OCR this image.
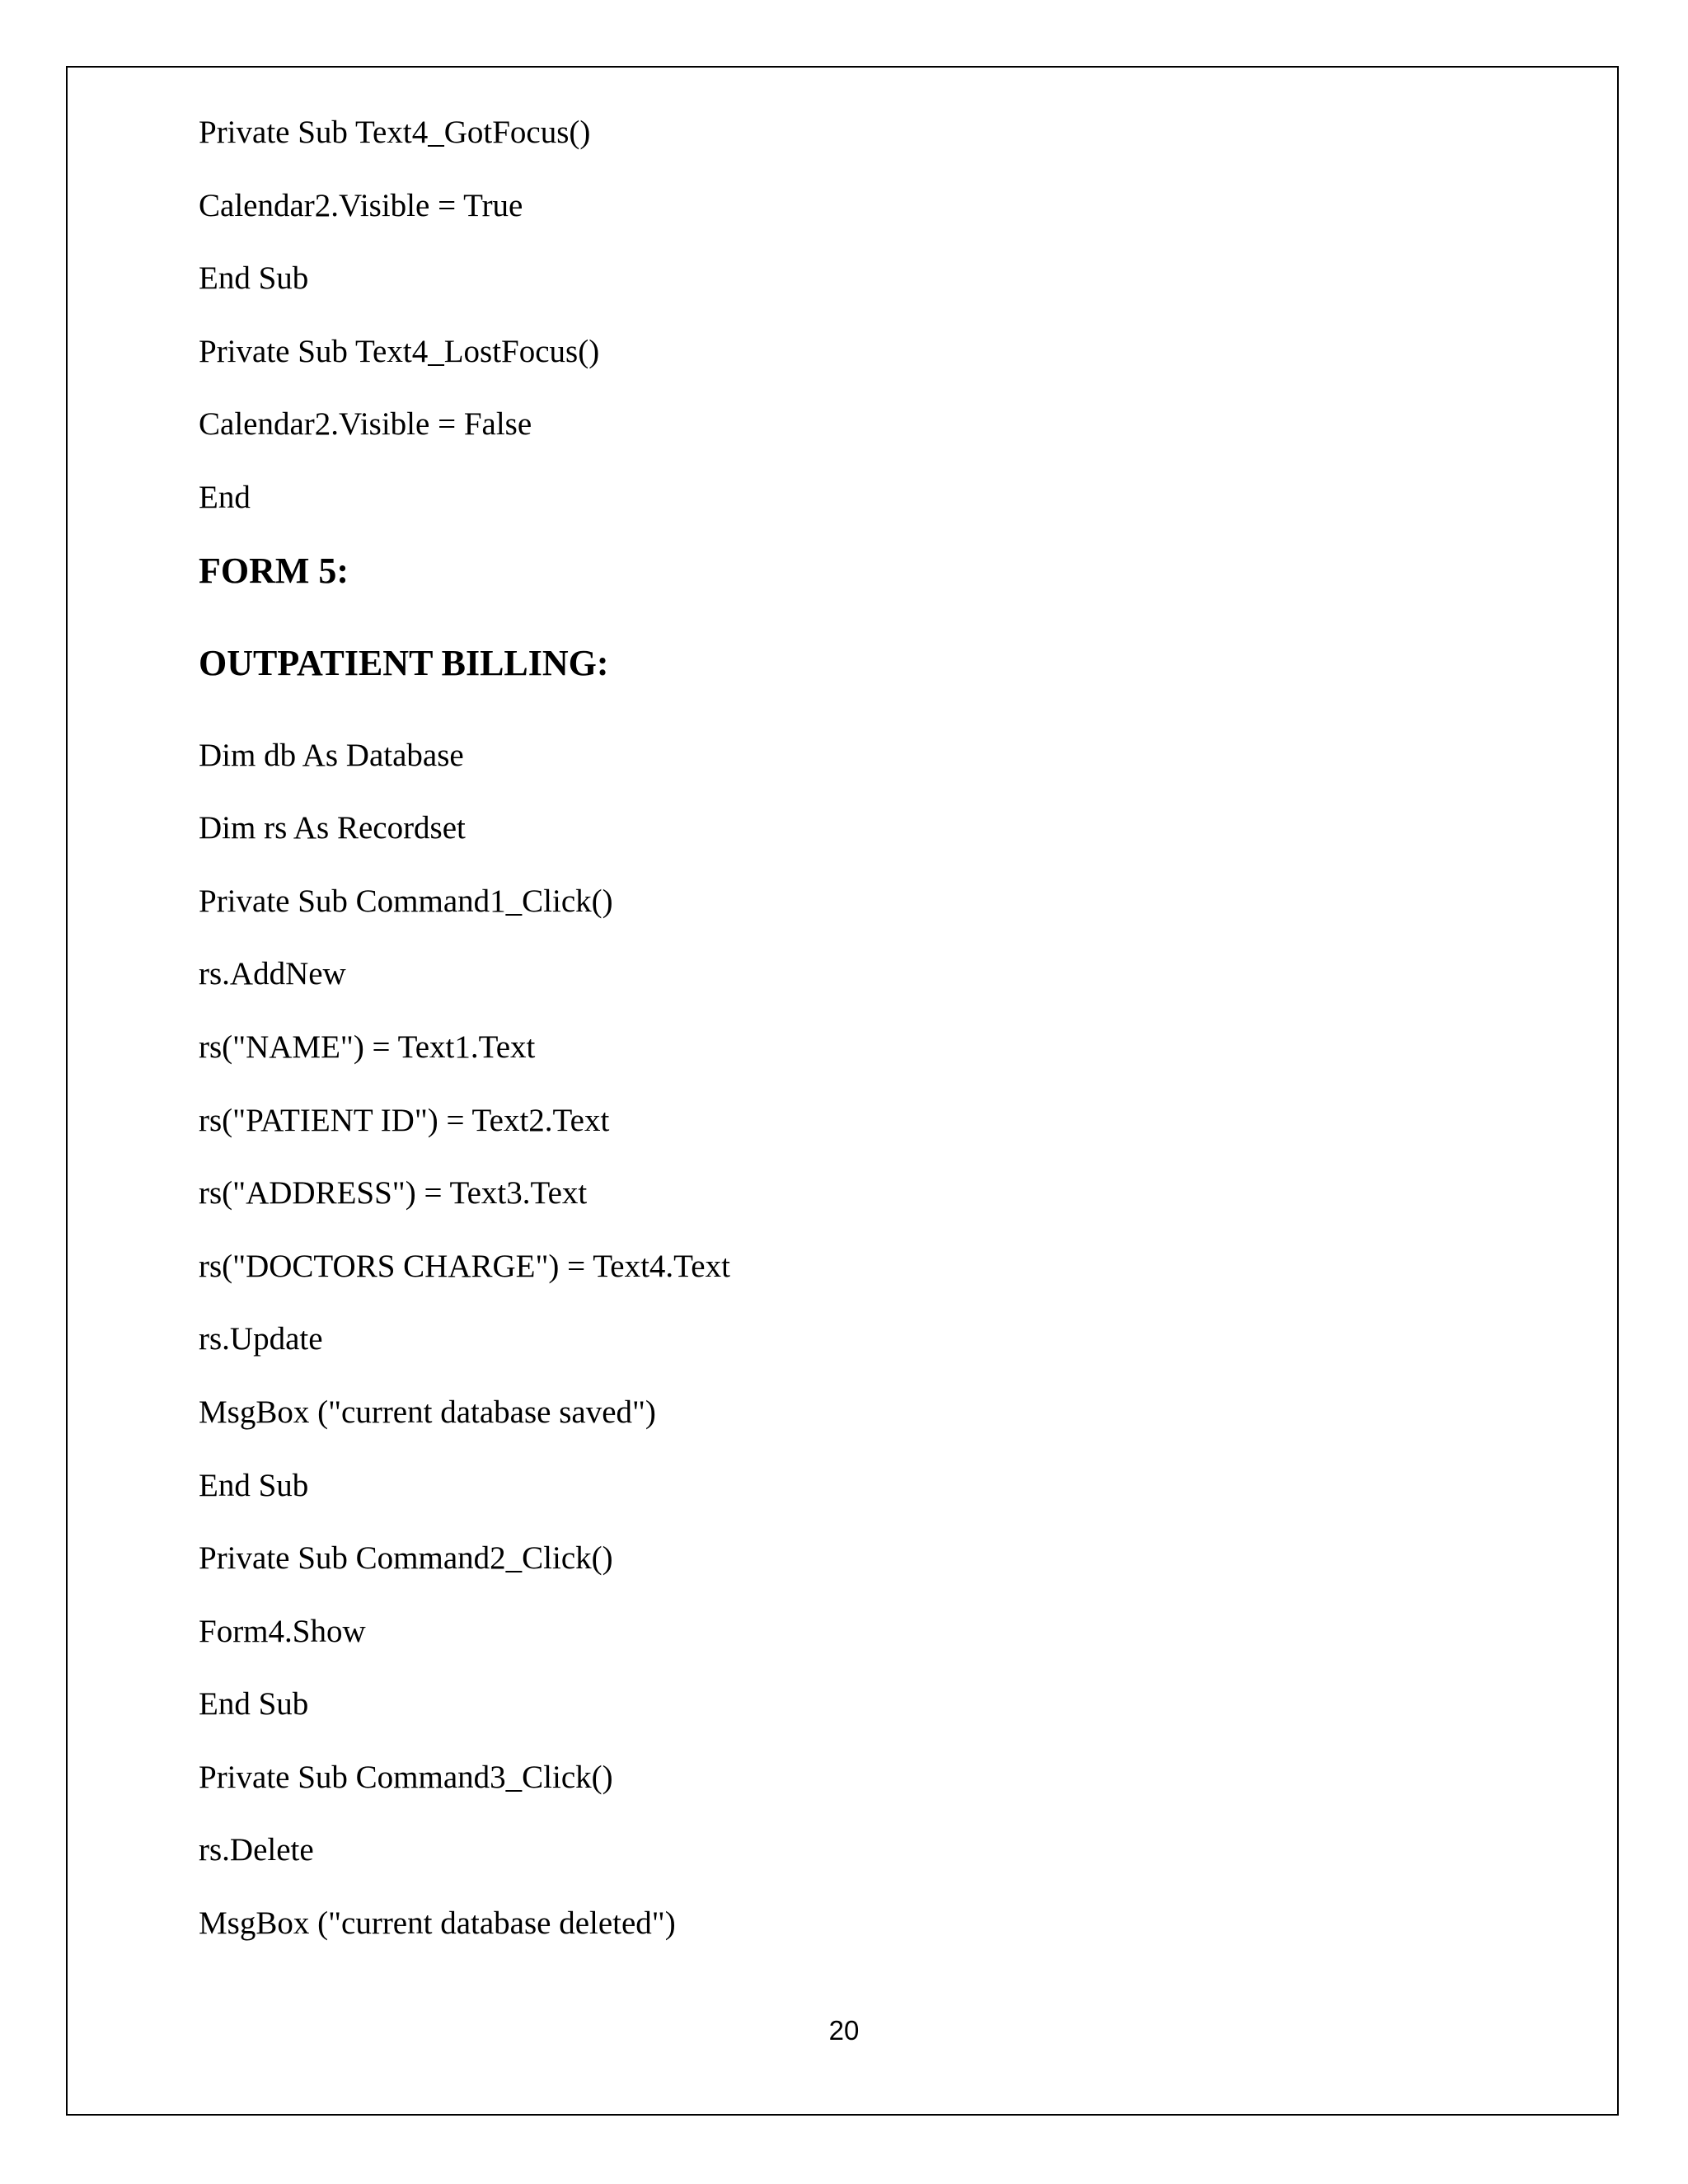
Private Sub Text4_GotFocus()
Calendar2.Visible = True
End Sub
Private Sub Text4_LostFocus()
Calendar2.Visible = False
End
FORM 5:
OUTPATIENT BILLING:
Dim db As Database
Dim rs As Recordset
Private Sub Command1_Click()
rs.AddNew
rs("NAME") = Text1.Text
rs("PATIENT ID") = Text2.Text
rs("ADDRESS") = Text3.Text
rs("DOCTORS CHARGE") = Text4.Text
rs.Update
MsgBox ("current database saved")
End Sub
Private Sub Command2_Click()
Form4.Show
End Sub
Private Sub Command3_Click()
rs.Delete
MsgBox ("current database deleted")
20
